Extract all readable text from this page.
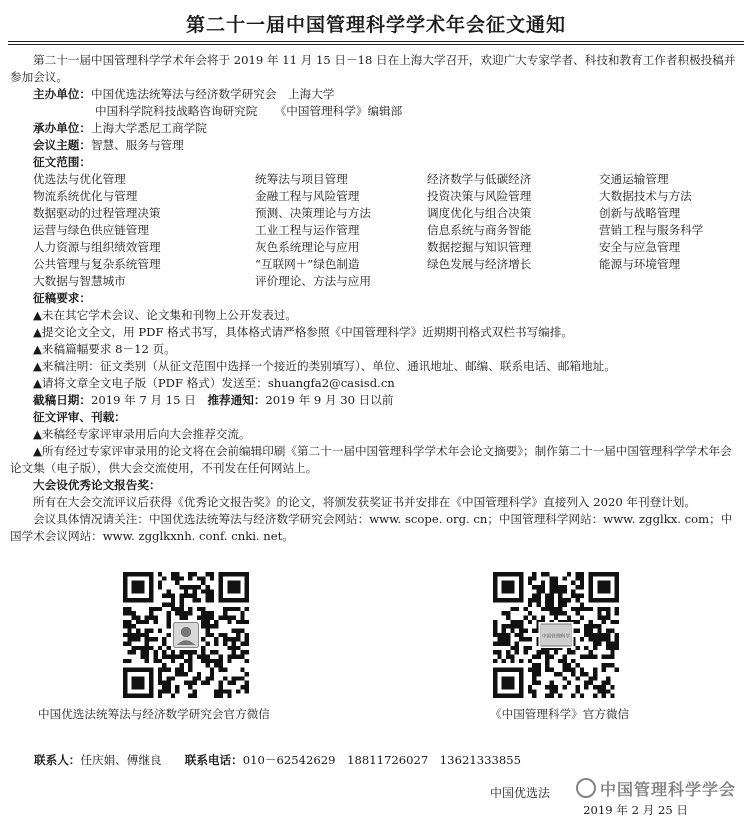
第二十一届中国管理科学学术年会征文通知
第二十一届中国管理科学学术年会将于 2019 年 11 月 15 日－18 日在上海大学召开，欢迎广大专家学者、科技和教育工作者积极投稿并参加会议。
主办单位：中国优选法统筹法与经济数学研究会　上海大学
中国科学院科技战略咨询研究院　　《中国管理科学》编辑部
承办单位：上海大学悉尼工商学院
会议主题：智慧、服务与管理
征文范围：
优选法与优化管理	统筹法与项目管理	经济数学与低碳经济	交通运输管理
物流系统优化与管理	金融工程与风险管理	投资决策与风险管理	大数据技术与方法
数据驱动的过程管理决策	预测、决策理论与方法	调度优化与组合决策	创新与战略管理
运营与绿色供应链管理	工业工程与运作管理	信息系统与商务智能	营销工程与服务科学
人力资源与组织绩效管理	灰色系统理论与应用	数据挖掘与知识管理	安全与应急管理
公共管理与复杂系统管理	“互联网＋”绿色制造	绿色发展与经济增长	能源与环境管理
大数据与智慧城市	评价理论、方法与应用
征稿要求：
▲未在其它学术会议、论文集和刊物上公开发表过。
▲提交论文全文，用 PDF 格式书写，具体格式请严格参照《中国管理科学》近期期刊格式双栏书写编排。
▲来稿篇幅要求 8－12 页。
▲来稿注明：征文类别（从征文范围中选择一个接近的类别填写）、单位、通讯地址、邮编、联系电话、邮箱地址。
▲请将文章全文电子版（PDF 格式）发送至：shuangfa2@casisd.cn
截稿日期：2019 年 7 月 15 日　 推荐通知：2019 年 9 月 30 日以前
征文评审、刊载：
▲来稿经专家评审录用后向大会推荐交流。
▲所有经过专家评审录用的论文将在会前编辑印刷《第二十一届中国管理科学学术年会论文摘要》；制作第二十一届中国管理科学学术年会论文集（电子版），供大会交流使用，不刊发在任何网站上。
大会设优秀论文报告奖：
所有在大会交流评议后获得《优秀论文报告奖》的论文，将颁发获奖证书并安排在《中国管理科学》直接列入 2020 年刊登计划。
会议具体情况请关注：中国优选法统筹法与经济数学研究会网站：www. scope. org. cn；中国管理科学网站：www. zgglkx. com；中国学术会议网站：www. zgglkxnh. conf. cnki. net。
中国管理科学
中国优选法统筹法与经济数学研究会官方微信	《中国管理科学》官方微信
联系人：任庆娟、傅继良　　 联系电话：010－62542629　18811726027　13621333855
中国管理科学学会
中国优选法
2019 年 2 月 25 日
